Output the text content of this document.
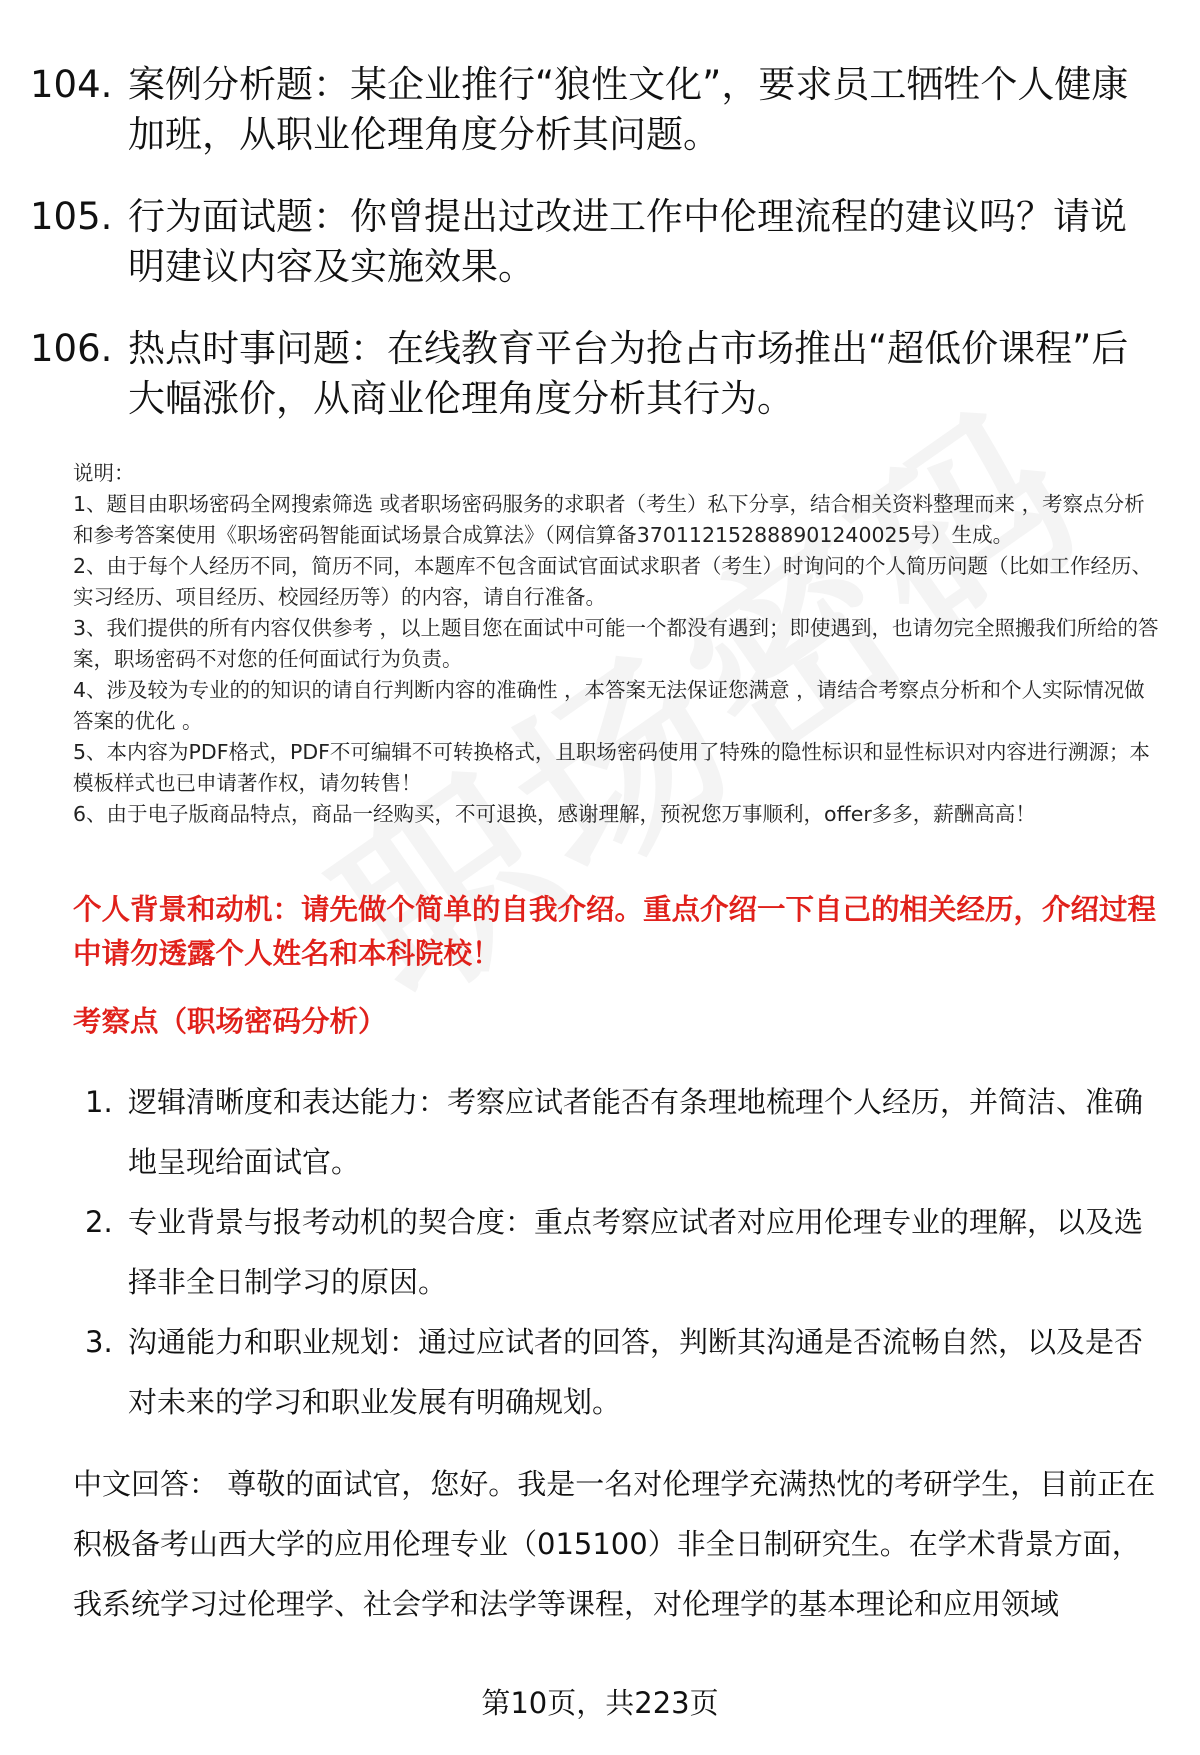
104. 案例分析题：某企业推行“狼性文化”，要求员工牺牲个人健康加班，从职业伦理角度分析其问题。
105. 行为面试题：你曾提出过改进工作中伦理流程的建议吗？请说明建议内容及实施效果。
106. 热点时事问题：在线教育平台为抢占市场推出“超低价课程”后大幅涨价，从商业伦理角度分析其行为。

说明：

1、题目由职场密码全网搜索筛选 或者职场密码服务的求职者（考生）私下分享，结合相关资料整理而来 ，考察点分析和参考答案使用《职场密码智能面试场景合成算法》（网信算备370112152888901240025号）生成。

2、由于每个人经历不同，简历不同，本题库不包含面试官面试求职者（考生）时询问的个人简历问题（比如工作经历、实习经历、项目经历、校园经历等）的内容，请自行准备。

3、我们提供的所有内容仅供参考 ，以上题目您在面试中可能一个都没有遇到；即使遇到，也请勿完全照搬我们所给的答案，职场密码不对您的任何面试行为负责。

4、涉及较为专业的的知识的请自行判断内容的准确性 ，本答案无法保证您满意 ，请结合考察点分析和个人实际情况做答案的优化 。

5、本内容为PDF格式，PDF不可编辑不可转换格式，且职场密码使用了特殊的隐性标识和显性标识对内容进行溯源；本模板样式也已申请著作权，请勿转售！

6、由于电子版商品特点，商品一经购买，不可退换，感谢理解，预祝您万事顺利，offer多多，薪酬高高！

个人背景和动机：请先做个简单的自我介绍。重点介绍一下自己的相关经历，介绍过程中请勿透露个人姓名和本科院校！
考察点（职场密码分析）
1. 逻辑清晰度和表达能力：考察应试者能否有条理地梳理个人经历，并简洁、准确地呈现给面试官。
2. 专业背景与报考动机的契合度：重点考察应试者对应用伦理专业的理解，以及选择非全日制学习的原因。
3. 沟通能力和职业规划：通过应试者的回答，判断其沟通是否流畅自然，以及是否对未来的学习和职业发展有明确规划。
中文回答： 尊敬的面试官，您好。我是一名对伦理学充满热忱的考研学生，目前正在积极备考山西大学的应用伦理专业（015100）非全日制研究生。在学术背景方面，我系统学习过伦理学、社会学和法学等课程，对伦理学的基本理论和应用领域
第10页，共223页
